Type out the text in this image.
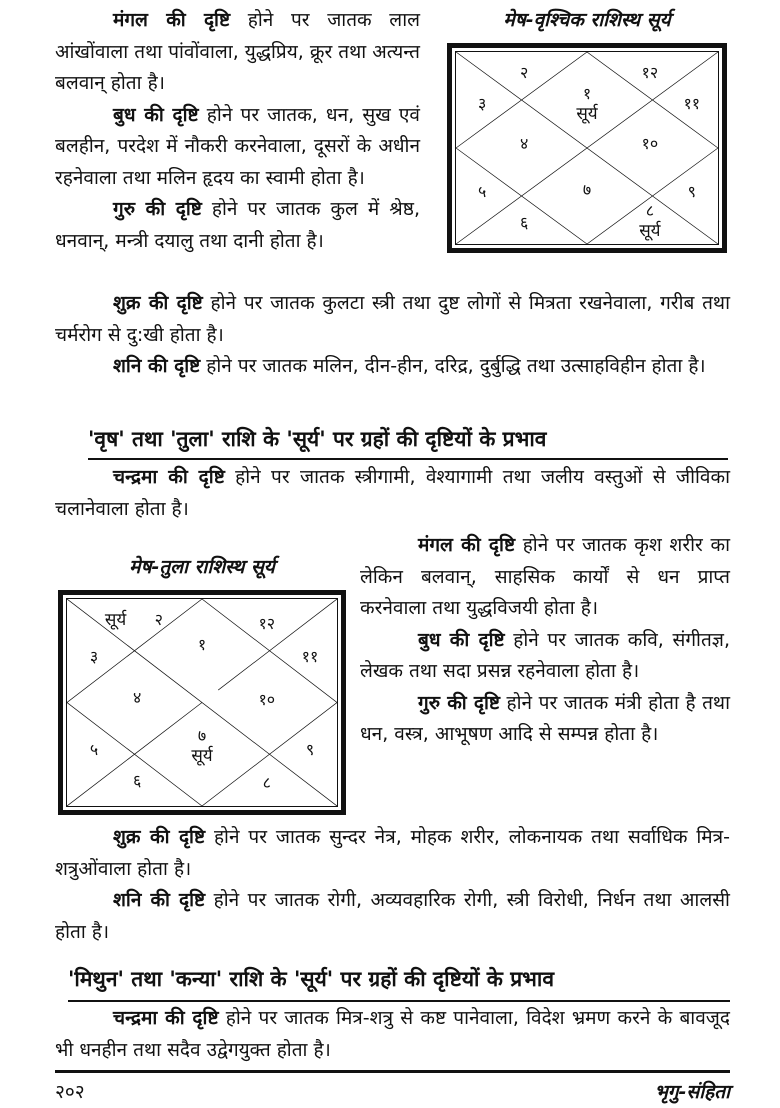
मंगल की दृष्टि होने पर जातक लाल आंखोंवाला तथा पांवोंवाला, युद्धप्रिय, क्रूर तथा अत्यन्त बलवान् होता है।
बुध की दृष्टि होने पर जातक, धन, सुख एवं बलहीन, परदेश में नौकरी करनेवाला, दूसरों के अधीन रहनेवाला तथा मलिन हृदय का स्वामी होता है। गुरु की दृष्टि होने पर जातक कुल में श्रेष्ठ, धनवान्, मन्त्री दयालु तथा दानी होता है।
मेष-वृश्चिक राशिस्थ सूर्य
१
सूर्य
२
३
४
५
६
७
८
सूर्य
९
१०
११
१२
शुक्र की दृष्टि होने पर जातक कुलटा स्त्री तथा दुष्ट लोगों से मित्रता रखनेवाला, गरीब तथा चर्मरोग से दु:खी होता है।
शनि की दृष्टि होने पर जातक मलिन, दीन-हीन, दरिद्र, दुर्बुद्धि तथा उत्साहविहीन होता है।
'वृष' तथा 'तुला' राशि के 'सूर्य' पर ग्रहों की दृष्टियों के प्रभाव
चन्द्रमा की दृष्टि होने पर जातक स्त्रीगामी, वेश्यागामी तथा जलीय वस्तुओं से जीविका चलानेवाला होता है।
मेष-तुला राशिस्थ सूर्य
१
२
३
४
५
६
७
सूर्य
८
९
१०
११
१२
सूर्य
मंगल की दृष्टि होने पर जातक कृश शरीर का लेकिन बलवान्, साहसिक कार्यों से धन प्राप्त करनेवाला तथा युद्धविजयी होता है।
बुध की दृष्टि होने पर जातक कवि, संगीतज्ञ, लेखक तथा सदा प्रसन्न रहनेवाला होता है।
गुरु की दृष्टि होने पर जातक मंत्री होता है तथा धन, वस्त्र, आभूषण आदि से सम्पन्न होता है।
शुक्र की दृष्टि होने पर जातक सुन्दर नेत्र, मोहक शरीर, लोकनायक तथा सर्वाधिक मित्र-शत्रुओंवाला होता है।
शनि की दृष्टि होने पर जातक रोगी, अव्यवहारिक रोगी, स्त्री विरोधी, निर्धन तथा आलसी होता है।
'मिथुन' तथा 'कन्या' राशि के 'सूर्य' पर ग्रहों की दृष्टियों के प्रभाव
चन्द्रमा की दृष्टि होने पर जातक मित्र-शत्रु से कष्ट पानेवाला, विदेश भ्रमण करने के बावजूद भी धनहीन तथा सदैव उद्वेगयुक्त होता है।
२०२	भृगु-संहिता
